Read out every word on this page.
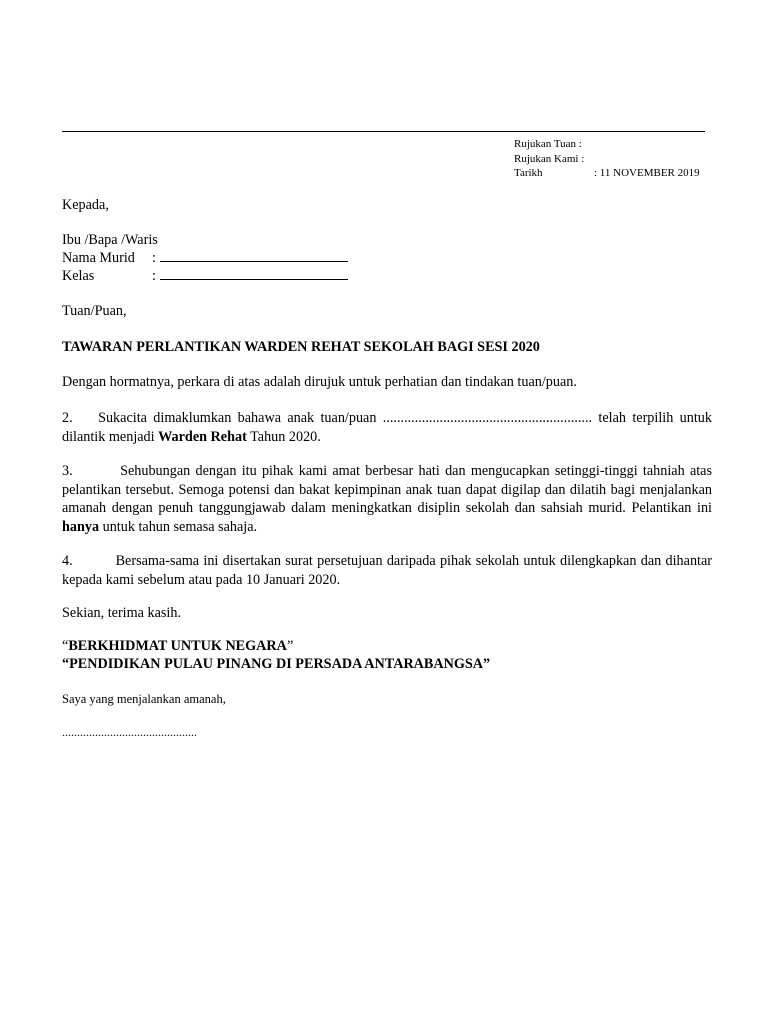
Rujukan Tuan :
Rujukan Kami :
Tarikh	: 11 NOVEMBER 2019
Kepada,
Ibu /Bapa /Waris
Nama Murid :
Kelas	:
Tuan/Puan,
TAWARAN PERLANTIKAN WARDEN REHAT SEKOLAH BAGI SESI 2020
Dengan hormatnya, perkara di atas adalah dirujuk untuk perhatian dan tindakan tuan/puan.
2. Sukacita dimaklumkan bahawa anak tuan/puan ........................................................... telah terpilih untuk dilantik menjadi Warden Rehat Tahun 2020.
3.	Sehubungan dengan itu pihak kami amat berbesar hati dan mengucapkan setinggi-tinggi tahniah atas pelantikan tersebut. Semoga potensi dan bakat kepimpinan anak tuan dapat digilap dan dilatih bagi menjalankan amanah dengan penuh tanggungjawab dalam meningkatkan disiplin sekolah dan sahsiah murid. Pelantikan ini hanya untuk tahun semasa sahaja.
4.	Bersama-sama ini disertakan surat persetujuan daripada pihak sekolah untuk dilengkapkan dan dihantar kepada kami sebelum atau pada 10 Januari 2020.
Sekian, terima kasih.
“BERKHIDMAT UNTUK NEGARA”
“PENDIDIKAN PULAU PINANG DI PERSADA ANTARABANGSA”
Saya yang menjalankan amanah,
.............................................
